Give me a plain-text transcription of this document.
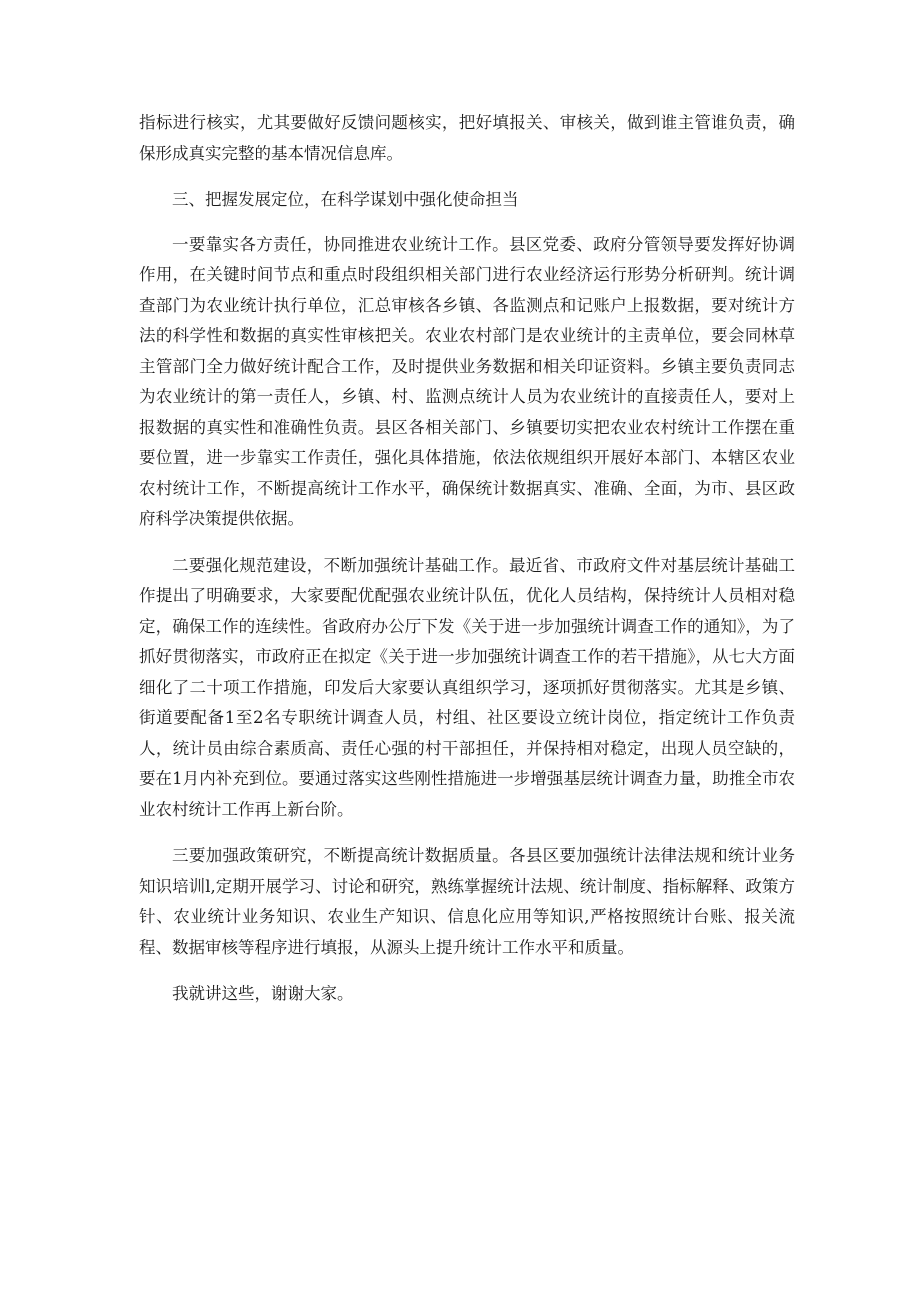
指标进行核实，尤其要做好反馈问题核实，把好填报关、审核关，做到谁主管谁负责，确保形成真实完整的基本情况信息库。

三、把握发展定位，在科学谋划中强化使命担当

一要靠实各方责任，协同推进农业统计工作。县区党委、政府分管领导要发挥好协调作用，在关键时间节点和重点时段组织相关部门进行农业经济运行形势分析研判。统计调查部门为农业统计执行单位，汇总审核各乡镇、各监测点和记账户上报数据，要对统计方法的科学性和数据的真实性审核把关。农业农村部门是农业统计的主责单位，要会同林草主管部门全力做好统计配合工作，及时提供业务数据和相关印证资料。乡镇主要负责同志为农业统计的第一责任人，乡镇、村、监测点统计人员为农业统计的直接责任人，要对上报数据的真实性和准确性负责。县区各相关部门、乡镇要切实把农业农村统计工作摆在重要位置，进一步靠实工作责任，强化具体措施，依法依规组织开展好本部门、本辖区农业农村统计工作，不断提高统计工作水平，确保统计数据真实、准确、全面，为市、县区政府科学决策提供依据。

二要强化规范建设，不断加强统计基础工作。最近省、市政府文件对基层统计基础工作提出了明确要求，大家要配优配强农业统计队伍，优化人员结构，保持统计人员相对稳定，确保工作的连续性。省政府办公厅下发《关于进一步加强统计调查工作的通知》，为了抓好贯彻落实，市政府正在拟定《关于进一步加强统计调查工作的若干措施》，从七大方面细化了二十项工作措施，印发后大家要认真组织学习，逐项抓好贯彻落实。尤其是乡镇、街道要配备1至2名专职统计调查人员，村组、社区要设立统计岗位，指定统计工作负责人，统计员由综合素质高、责任心强的村干部担任，并保持相对稳定，出现人员空缺的，要在1月内补充到位。要通过落实这些刚性措施进一步增强基层统计调查力量，助推全市农业农村统计工作再上新台阶。

三要加强政策研究，不断提高统计数据质量。各县区要加强统计法律法规和统计业务知识培训l,定期开展学习、讨论和研究，熟练掌握统计法规、统计制度、指标解释、政策方针、农业统计业务知识、农业生产知识、信息化应用等知识,严格按照统计台账、报关流程、数据审核等程序进行填报，从源头上提升统计工作水平和质量。

我就讲这些，谢谢大家。
